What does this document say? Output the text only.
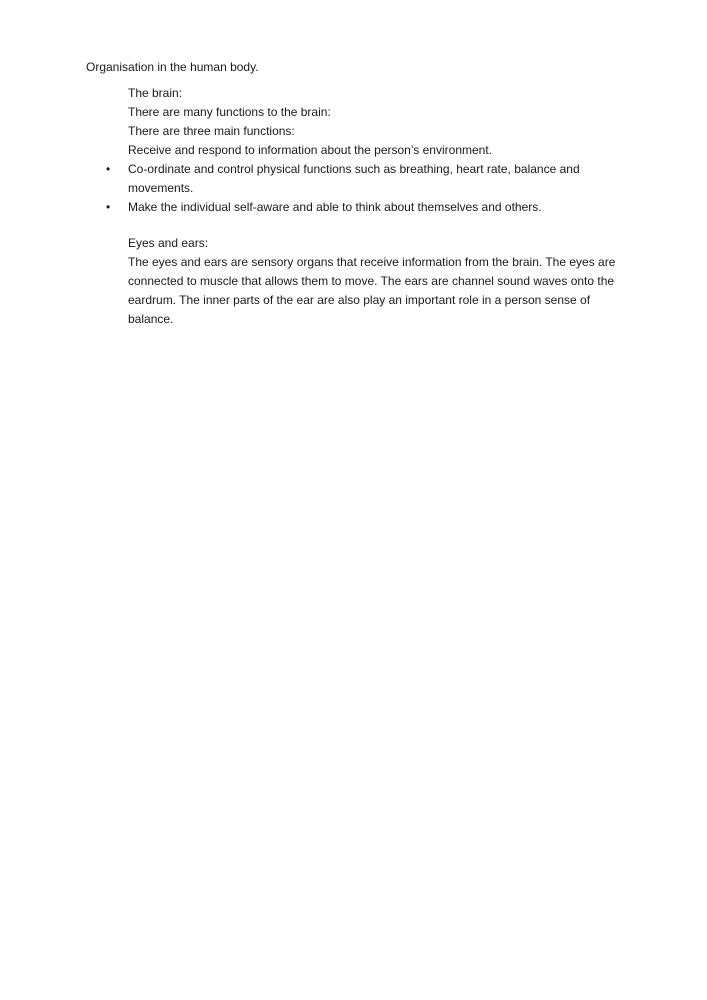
Organisation in the human body.

The brain:

There are many functions to the brain:

There are three main functions:

Receive and respond to information about the person’s environment.

• Co-ordinate and control physical functions such as breathing, heart rate, balance and movements.
• Make the individual self-aware and able to think about themselves and others.

Eyes and ears:

The eyes and ears are sensory organs that receive information from the brain. The eyes are connected to muscle that allows them to move. The ears are channel sound waves onto the eardrum. The inner parts of the ear are also play an important role in a person sense of balance.
